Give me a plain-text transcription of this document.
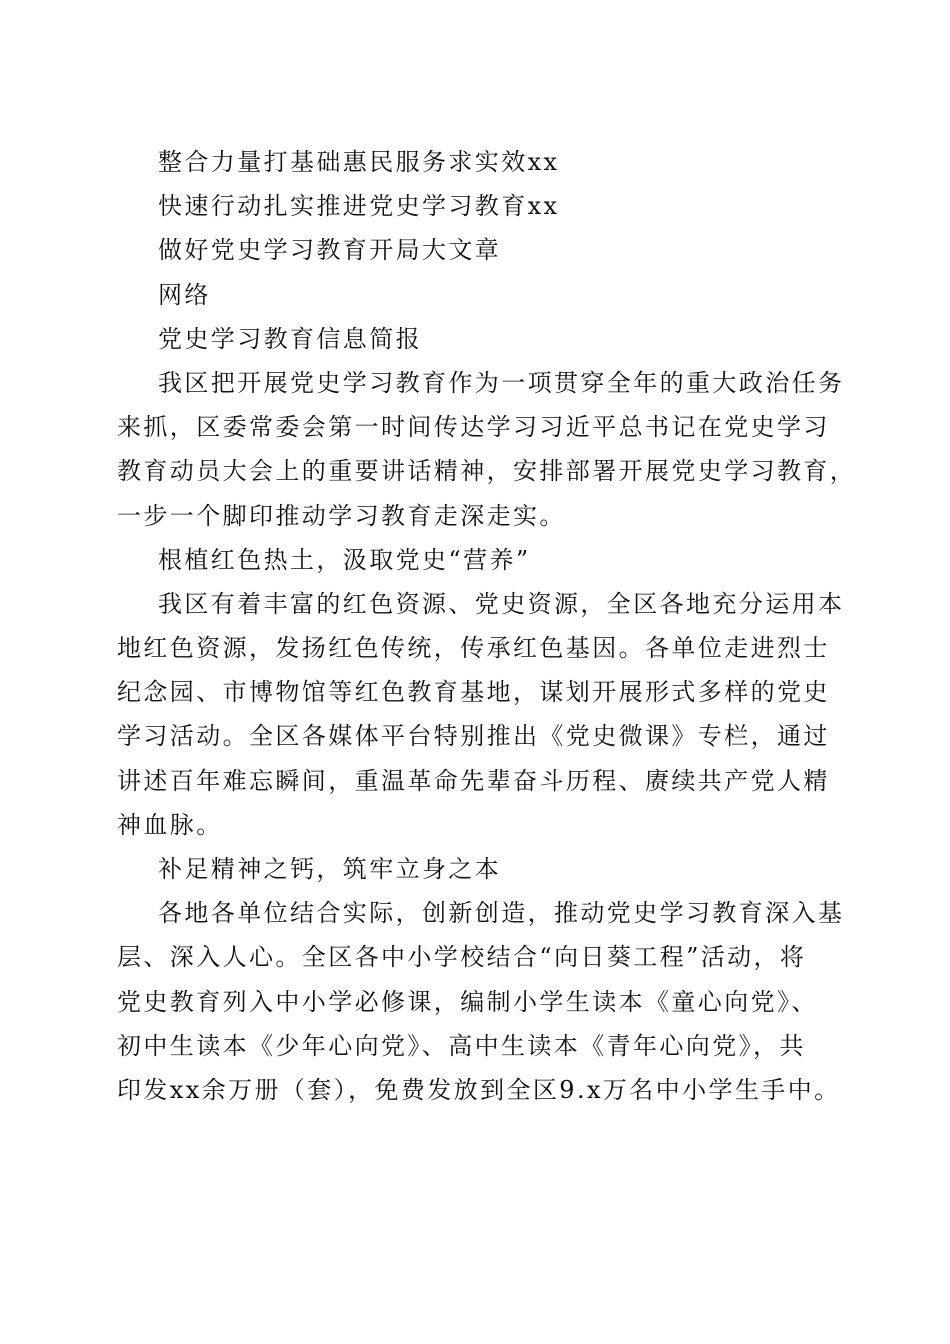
整合力量打基础惠民服务求实效xx
快速行动扎实推进党史学习教育xx
做好党史学习教育开局大文章
网络
党史学习教育信息简报
我区把开展党史学习教育作为一项贯穿全年的重大政治任务
来抓，区委常委会第一时间传达学习习近平总书记在党史学习
教育动员大会上的重要讲话精神，安排部署开展党史学习教育，
一步一个脚印推动学习教育走深走实。
根植红色热土，汲取党史“营养”
我区有着丰富的红色资源、党史资源，全区各地充分运用本
地红色资源，发扬红色传统，传承红色基因。各单位走进烈士
纪念园、市博物馆等红色教育基地，谋划开展形式多样的党史
学习活动。全区各媒体平台特别推出《党史微课》专栏，通过
讲述百年难忘瞬间，重温革命先辈奋斗历程、赓续共产党人精
神血脉。
补足精神之钙，筑牢立身之本
各地各单位结合实际，创新创造，推动党史学习教育深入基
层、深入人心。全区各中小学校结合“向日葵工程”活动，将
党史教育列入中小学必修课，编制小学生读本《童心向党》、
初中生读本《少年心向党》、高中生读本《青年心向党》，共
印发xx余万册（套），免费发放到全区9.x万名中小学生手中。
